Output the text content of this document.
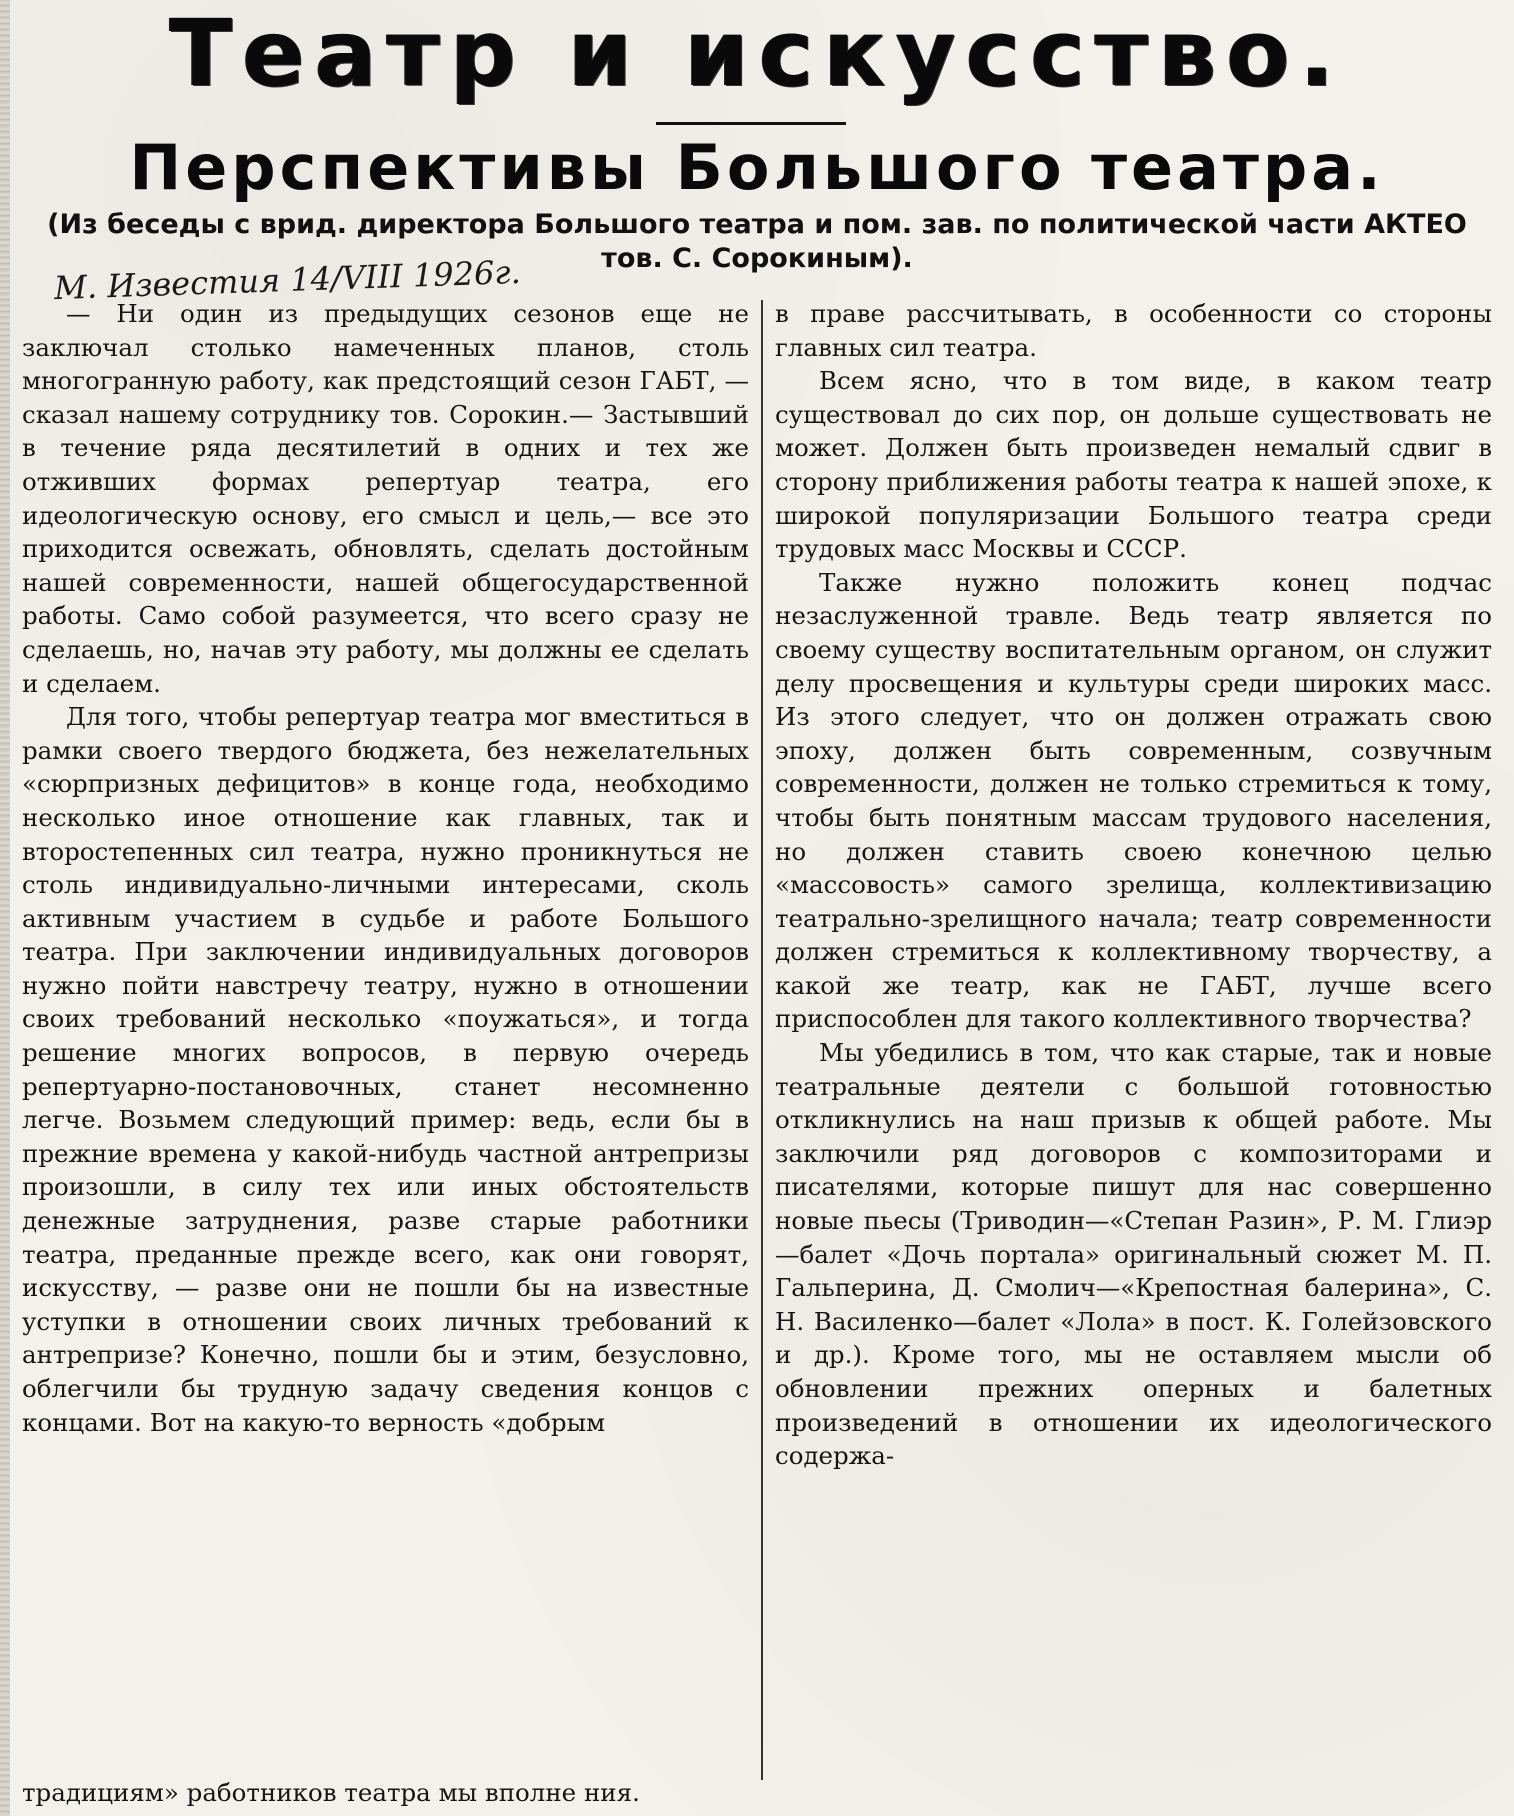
Театр и искусство.
Перспективы Большого театра.
(Из беседы с врид. директора Большого театра и пом. зав. по политической части АКТЕО тов. С. Сорокиным).
М. Известия 14/VIII 1926г.

— Ни один из предыдущих сезонов еще не заключал столько намеченных планов, столь многогранную работу, как предстоящий сезон ГАБТ, — сказал нашему сотруднику тов. Сорокин.— Застывший в течение ряда десятилетий в одних и тех же отживших формах репертуар театра, его идеологическую основу, его смысл и цель,— все это приходится освежать, обновлять, сделать достойным нашей современности, нашей общегосударственной работы. Само собой разумеется, что всего сразу не сделаешь, но, начав эту работу, мы должны ее сделать и сделаем.

Для того, чтобы репертуар театра мог вместиться в рамки своего твердого бюджета, без нежелательных «сюрпризных дефицитов» в конце года, необходимо несколько иное отношение как главных, так и второстепенных сил театра, нужно проникнуться не столь индивидуально-личными интересами, сколь активным участием в судьбе и работе Большого театра. При заключении индивидуальных договоров нужно пойти навстречу театру, нужно в отношении своих требований несколько «поужаться», и тогда решение многих вопросов, в первую очередь репертуарно-постановочных, станет несомненно легче. Возьмем следующий пример: ведь, если бы в прежние времена у какой-нибудь частной антрепризы произошли, в силу тех или иных обстоятельств денежные затруднения, разве старые работники театра, преданные прежде всего, как они говорят, искусству, — разве они не пошли бы на известные уступки в отношении своих личных требований к антрепризе? Конечно, пошли бы и этим, безусловно, облегчили бы трудную задачу сведения концов с концами. Вот на какую-то верность «добрым

в праве рассчитывать, в особенности со стороны главных сил театра.

Всем ясно, что в том виде, в каком театр существовал до сих пор, он дольше существовать не может. Должен быть произведен немалый сдвиг в сторону приближения работы театра к нашей эпохе, к широкой популяризации Большого театра среди трудовых масс Москвы и СССР.

Также нужно положить конец подчас незаслуженной травле. Ведь театр является по своему существу воспитательным органом, он служит делу просвещения и культуры среди широких масс. Из этого следует, что он должен отражать свою эпоху, должен быть современным, созвучным современности, должен не только стремиться к тому, чтобы быть понятным массам трудового населения, но должен ставить своею конечною целью «массовость» самого зрелища, коллективизацию театрально-зрелищного начала; театр современности должен стремиться к коллективному творчеству, а какой же театр, как не ГАБТ, лучше всего приспособлен для такого коллективного творчества?

Мы убедились в том, что как старые, так и новые театральные деятели с большой готовностью откликнулись на наш призыв к общей работе. Мы заключили ряд договоров с композиторами и писателями, которые пишут для нас совершенно новые пьесы (Триводин—«Степан Разин», Р. М. Глиэр—балет «Дочь портала» оригинальный сюжет М. П. Гальперина, Д. Смолич—«Крепостная балерина», С. Н. Василенко—балет «Лола» в пост. К. Голейзовского и др.). Кроме того, мы не оставляем мысли об обновлении прежних оперных и балетных произведений в отношении их идеологического содержа-

традициям» работников театра мы вполне ния.
